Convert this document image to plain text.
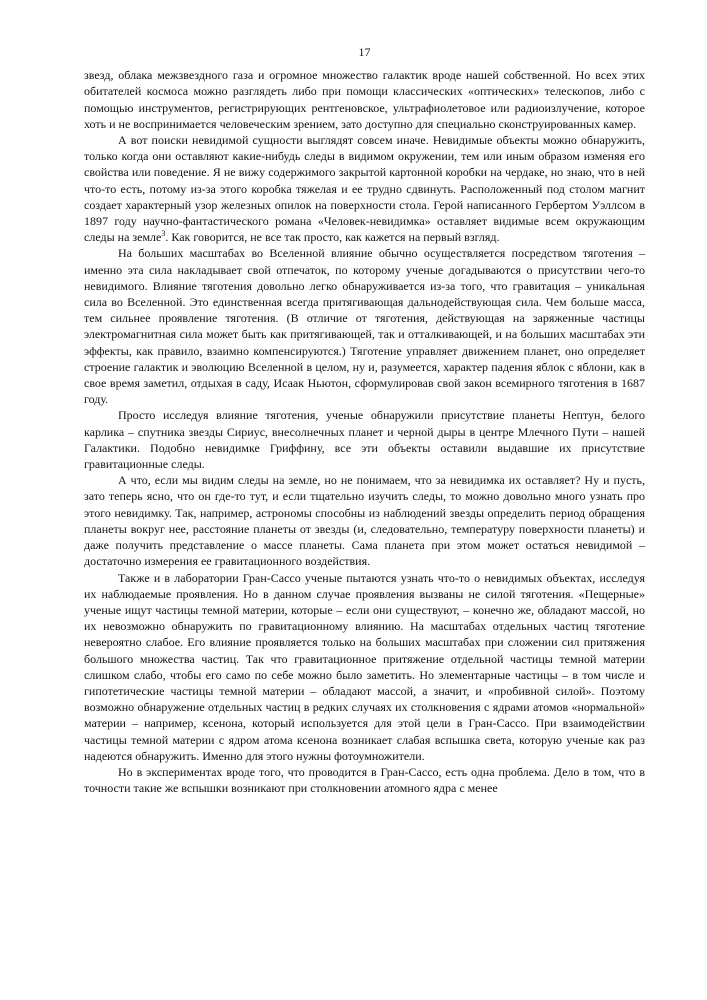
17

звезд, облака межзвездного газа и огромное множество галактик вроде нашей собственной. Но всех этих обитателей космоса можно разглядеть либо при помощи классических «оптических» телескопов, либо с помощью инструментов, регистрирующих рентгеновское, ультрафиолетовое или радиоизлучение, которое хоть и не воспринимается человеческим зрением, зато доступно для специально сконструированных камер.

А вот поиски невидимой сущности выглядят совсем иначе. Невидимые объекты можно обнаружить, только когда они оставляют какие-нибудь следы в видимом окружении, тем или иным образом изменяя его свойства или поведение. Я не вижу содержимого закрытой картонной коробки на чердаке, но знаю, что в ней что-то есть, потому из-за этого коробка тяжелая и ее трудно сдвинуть. Расположенный под столом магнит создает характерный узор железных опилок на поверхности стола. Герой написанного Гербертом Уэллсом в 1897 году научно-фантастического романа «Человек-невидимка» оставляет видимые всем окружающим следы на земле$^3$. Как говорится, не все так просто, как кажется на первый взгляд.

На больших масштабах во Вселенной влияние обычно осуществляется посредством тяготения – именно эта сила накладывает свой отпечаток, по которому ученые догадываются о присутствии чего-то невидимого. Влияние тяготения довольно легко обнаруживается из-за того, что гравитация – уникальная сила во Вселенной. Это единственная всегда притягивающая дальнодействующая сила. Чем больше масса, тем сильнее проявление тяготения. (В отличие от тяготения, действующая на заряженные частицы электромагнитная сила может быть как притягивающей, так и отталкивающей, и на больших масштабах эти эффекты, как правило, взаимно компенсируются.) Тяготение управляет движением планет, оно определяет строение галактик и эволюцию Вселенной в целом, ну и, разумеется, характер падения яблок с яблони, как в свое время заметил, отдыхая в саду, Исаак Ньютон, сформулировав свой закон всемирного тяготения в 1687 году.

Просто исследуя влияние тяготения, ученые обнаружили присутствие планеты Нептун, белого карлика – спутника звезды Сириус, внесолнечных планет и черной дыры в центре Млечного Пути – нашей Галактики. Подобно невидимке Гриффину, все эти объекты оставили выдавшие их присутствие гравитационные следы.

А что, если мы видим следы на земле, но не понимаем, что за невидимка их оставляет? Ну и пусть, зато теперь ясно, что он где-то тут, и если тщательно изучить следы, то можно довольно много узнать про этого невидимку. Так, например, астрономы способны из наблюдений звезды определить период обращения планеты вокруг нее, расстояние планеты от звезды (и, следовательно, температуру поверхности планеты) и даже получить представление о массе планеты. Сама планета при этом может остаться невидимой – достаточно измерения ее гравитационного воздействия.

Также и в лаборатории Гран-Сассо ученые пытаются узнать что-то о невидимых объектах, исследуя их наблюдаемые проявления. Но в данном случае проявления вызваны не силой тяготения. «Пещерные» ученые ищут частицы темной материи, которые – если они существуют, – конечно же, обладают массой, но их невозможно обнаружить по гравитационному влиянию. На масштабах отдельных частиц тяготение невероятно слабое. Его влияние проявляется только на больших масштабах при сложении сил притяжения большого множества частиц. Так что гравитационное притяжение отдельной частицы темной материи слишком слабо, чтобы его само по себе можно было заметить. Но элементарные частицы – в том числе и гипотетические частицы темной материи – обладают массой, а значит, и «пробивной силой». Поэтому возможно обнаружение отдельных частиц в редких случаях их столкновения с ядрами атомов «нормальной» материи – например, ксенона, который используется для этой цели в Гран-Сассо. При взаимодействии частицы темной материи с ядром атома ксенона возникает слабая вспышка света, которую ученые как раз надеются обнаружить. Именно для этого нужны фотоумножители.

Но в экспериментах вроде того, что проводится в Гран-Сассо, есть одна проблема. Дело в том, что в точности такие же вспышки возникают при столкновении атомного ядра с менее
